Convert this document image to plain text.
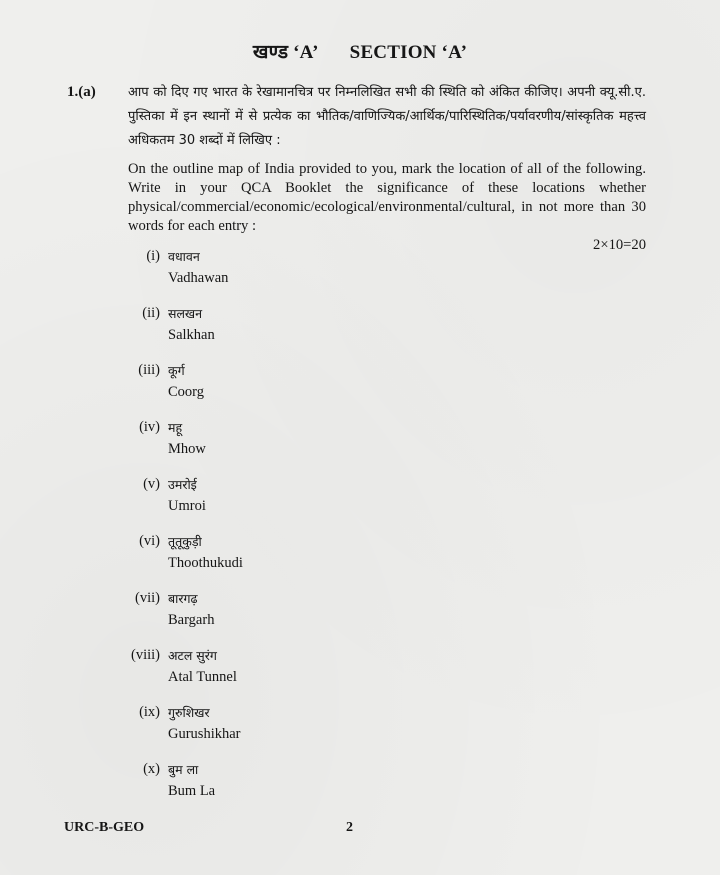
खण्ड ‘A’ SECTION ‘A’
1.(a) आप को दिए गए भारत के रेखामानचित्र पर निम्नलिखित सभी की स्थिति को अंकित कीजिए। अपनी क्यू.सी.ए. पुस्तिका में इन स्थानों में से प्रत्येक का भौतिक/वाणिज्यिक/आर्थिक/पारिस्थितिक/पर्यावरणीय/सांस्कृतिक महत्त्व अधिकतम 30 शब्दों में लिखिए :
On the outline map of India provided to you, mark the location of all of the following. Write in your QCA Booklet the significance of these locations whether physical/commercial/economic/ecological/environmental/cultural, in not more than 30 words for each entry :
2×10=20
(i) वधावन
Vadhawan
(ii) सलखन
Salkhan
(iii) कूर्ग
Coorg
(iv) महू
Mhow
(v) उमरोई
Umroi
(vi) तूतूकुड़ी
Thoothukudi
(vii) बारगढ़
Bargarh
(viii) अटल सुरंग
Atal Tunnel
(ix) गुरुशिखर
Gurushikhar
(x) बुम ला
Bum La
URC-B-GEO	2
